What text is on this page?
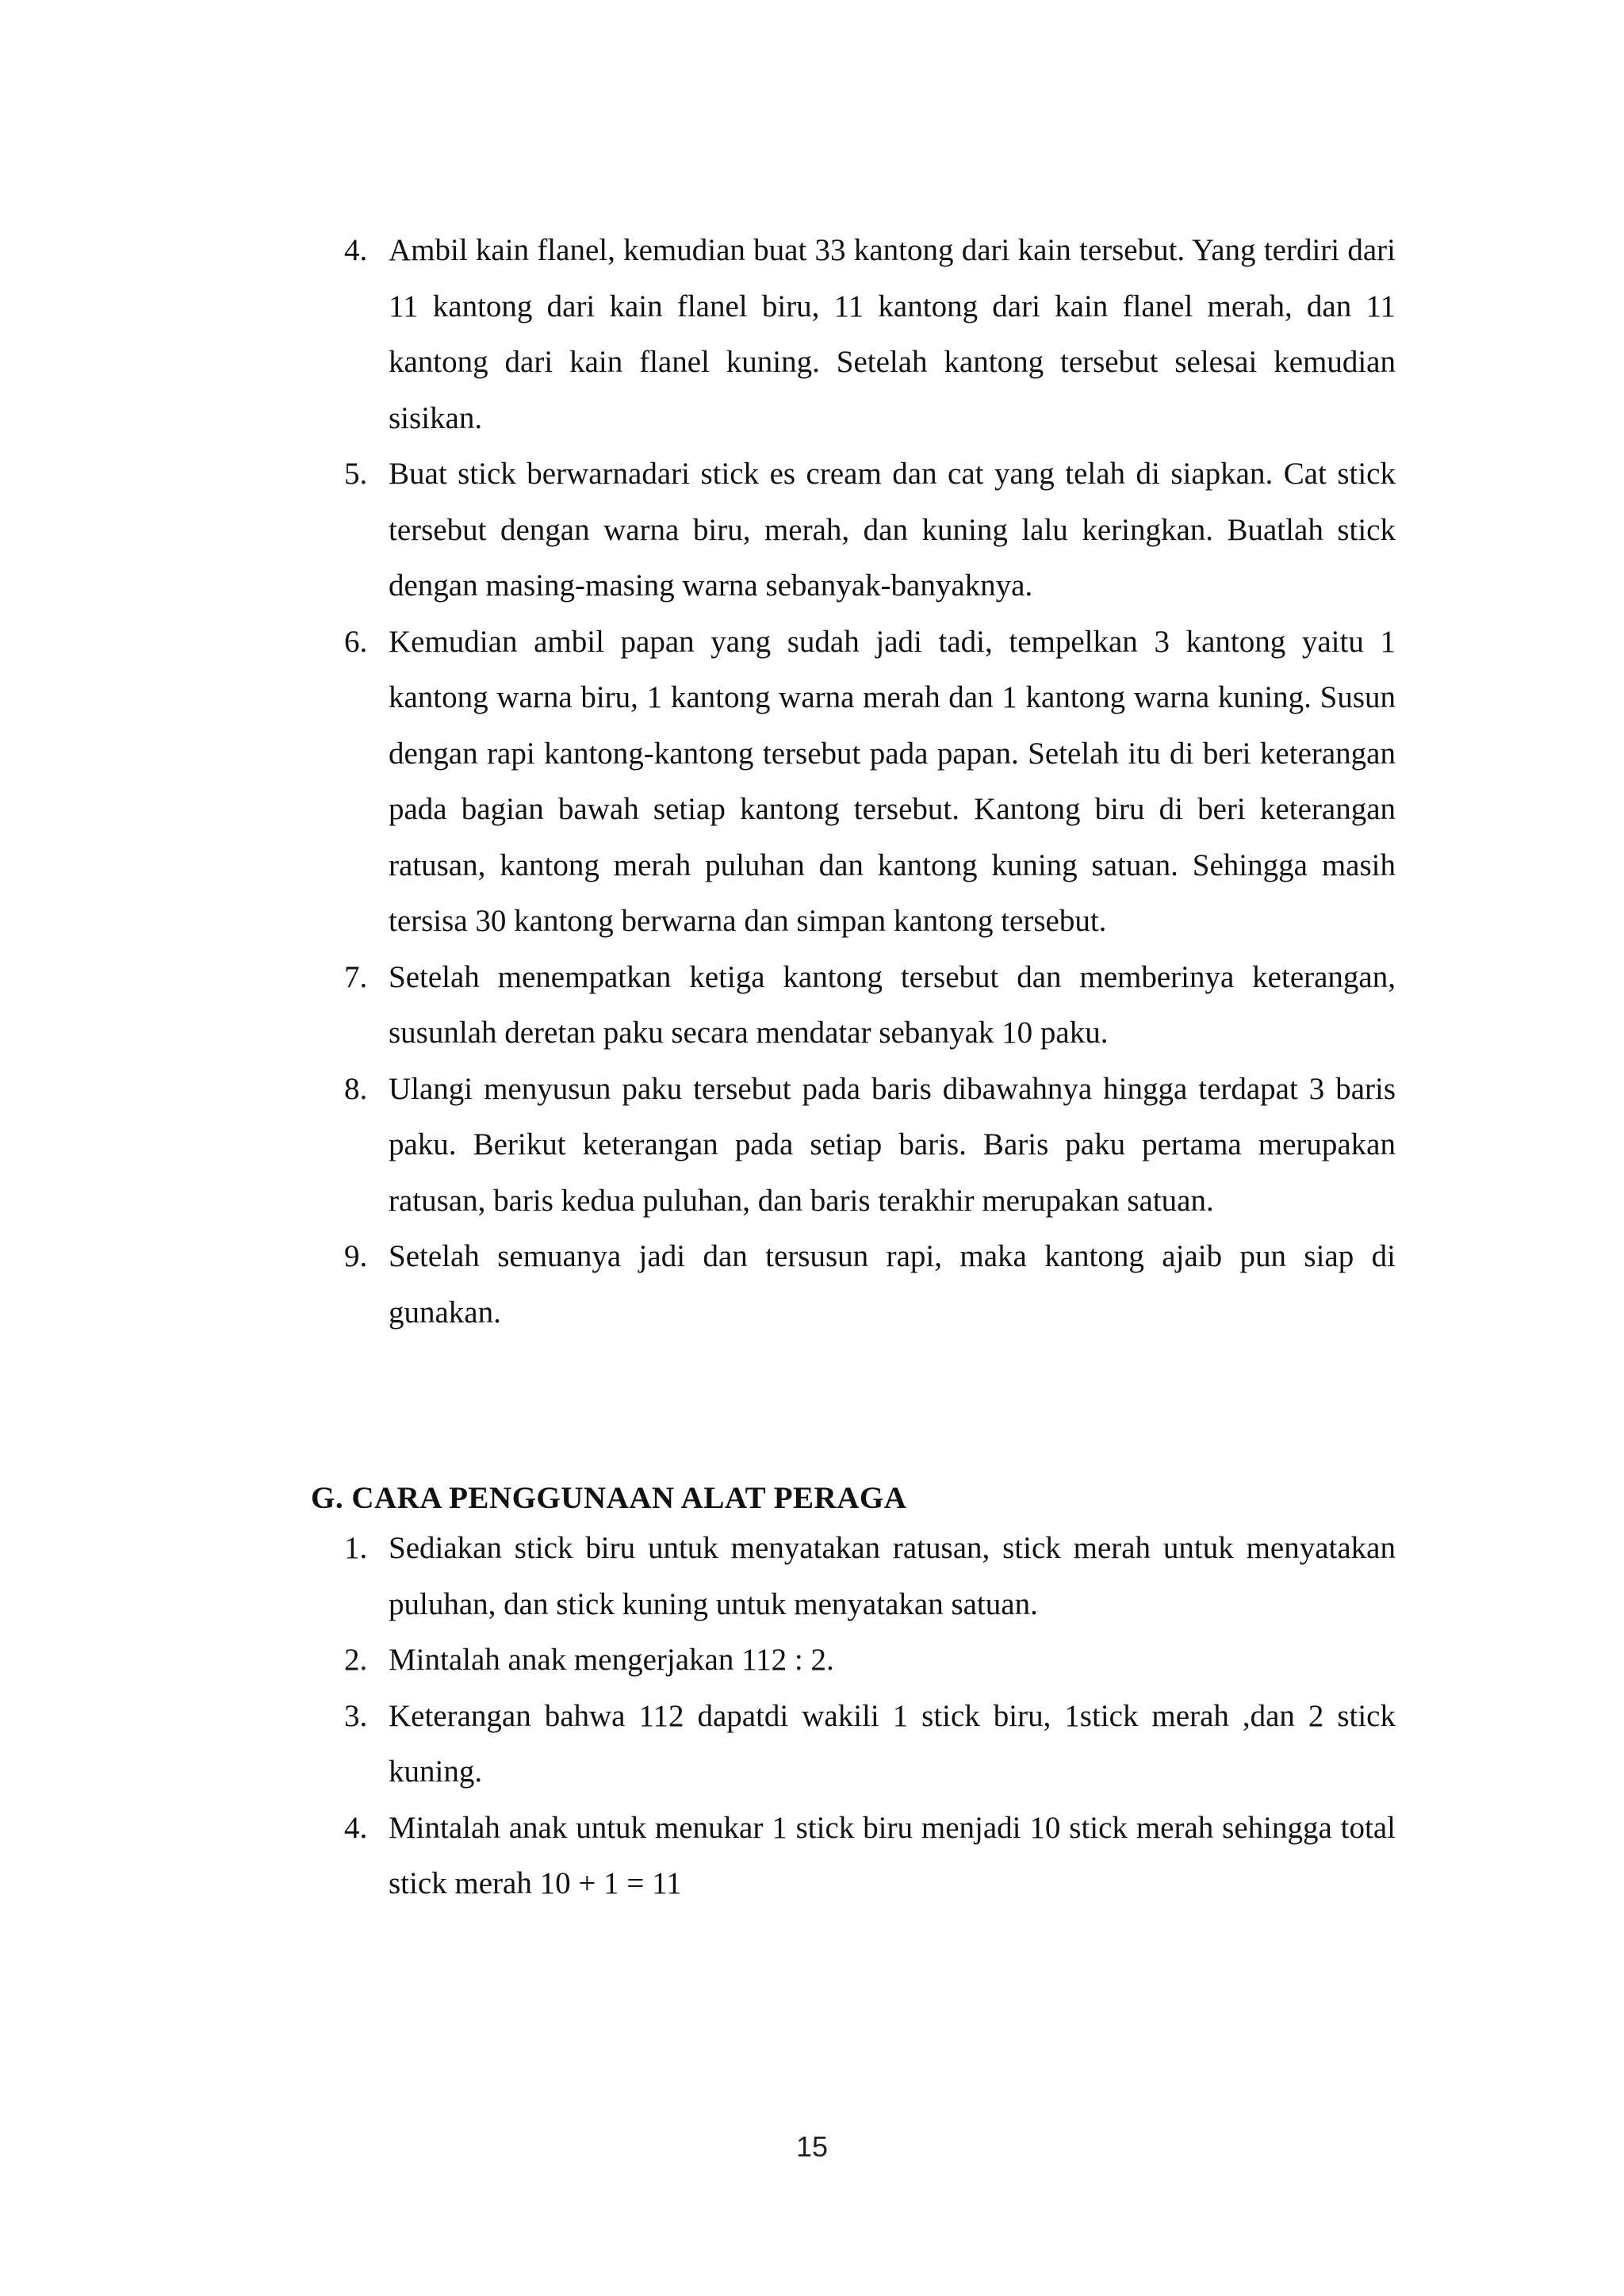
4. Ambil kain flanel, kemudian buat 33 kantong dari kain tersebut. Yang terdiri dari 11 kantong dari kain flanel biru, 11 kantong dari kain flanel merah, dan 11 kantong dari kain flanel kuning. Setelah kantong tersebut selesai kemudian sisikan.
5. Buat stick berwarnadari stick es cream dan cat yang telah di siapkan. Cat stick tersebut dengan warna biru, merah, dan kuning lalu keringkan. Buatlah stick dengan masing-masing warna sebanyak-banyaknya.
6. Kemudian ambil papan yang sudah jadi tadi, tempelkan 3 kantong yaitu 1 kantong warna biru, 1 kantong warna merah dan 1 kantong warna kuning. Susun dengan rapi kantong-kantong tersebut pada papan. Setelah itu di beri keterangan pada bagian bawah setiap kantong tersebut. Kantong biru di beri keterangan ratusan, kantong merah puluhan dan kantong kuning satuan. Sehingga masih tersisa 30 kantong berwarna dan simpan kantong tersebut.
7. Setelah menempatkan ketiga kantong tersebut dan memberinya keterangan, susunlah deretan paku secara mendatar sebanyak 10 paku.
8. Ulangi menyusun paku tersebut pada baris dibawahnya hingga terdapat 3 baris paku. Berikut keterangan pada setiap baris. Baris paku pertama merupakan ratusan, baris kedua puluhan, dan baris terakhir merupakan satuan.
9. Setelah semuanya jadi dan tersusun rapi, maka kantong ajaib pun siap di gunakan.
G. CARA PENGGUNAAN ALAT PERAGA
1. Sediakan stick biru untuk menyatakan ratusan, stick merah untuk menyatakan puluhan, dan stick kuning untuk menyatakan satuan.
2. Mintalah anak mengerjakan 112 : 2.
3. Keterangan bahwa 112 dapatdi wakili 1 stick biru, 1stick merah ,dan 2 stick kuning.
4. Mintalah anak untuk menukar 1 stick biru menjadi 10 stick merah sehingga total stick merah 10 + 1 = 11
15
